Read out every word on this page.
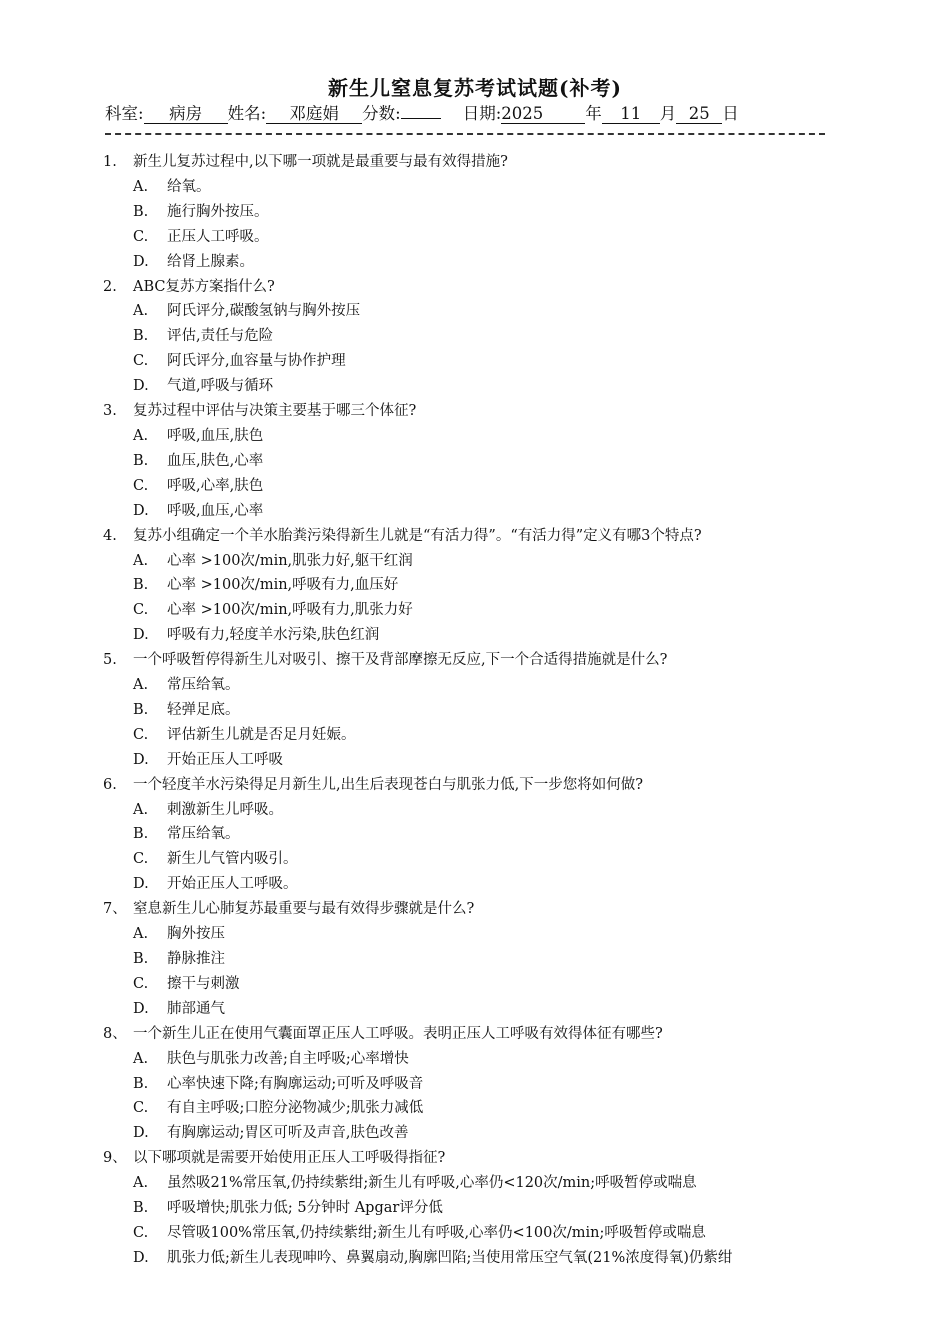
新生儿窒息复苏考试试题(补考)
科室: 病房 姓名: 邓庭娟 分数:	日期:2025	年 11 月 25 日
1. 新生儿复苏过程中,以下哪一项就是最重要与最有效得措施?
A. 给氧。
B. 施行胸外按压。
C. 正压人工呼吸。
D. 给肾上腺素。
2. ABC复苏方案指什么?
A. 阿氏评分,碳酸氢钠与胸外按压
B. 评估,责任与危险
C. 阿氏评分,血容量与协作护理
D. 气道,呼吸与循环
3. 复苏过程中评估与决策主要基于哪三个体征?
A. 呼吸,血压,肤色
B. 血压,肤色,心率
C. 呼吸,心率,肤色
D. 呼吸,血压,心率
4. 复苏小组确定一个羊水胎粪污染得新生儿就是“有活力得”。“有活力得”定义有哪3个特点?
A. 心率 >100次/min,肌张力好,躯干红润
B. 心率 >100次/min,呼吸有力,血压好
C. 心率 >100次/min,呼吸有力,肌张力好
D. 呼吸有力,轻度羊水污染,肤色红润
5. 一个呼吸暂停得新生儿对吸引、擦干及背部摩擦无反应,下一个合适得措施就是什么?
A. 常压给氧。
B. 轻弹足底。
C. 评估新生儿就是否足月妊娠。
D. 开始正压人工呼吸
6. 一个轻度羊水污染得足月新生儿,出生后表现苍白与肌张力低,下一步您将如何做?
A. 刺激新生儿呼吸。
B. 常压给氧。
C. 新生儿气管内吸引。
D. 开始正压人工呼吸。
7、 窒息新生儿心肺复苏最重要与最有效得步骤就是什么?
A. 胸外按压
B. 静脉推注
C. 擦干与刺激
D. 肺部通气
8、 一个新生儿正在使用气囊面罩正压人工呼吸。表明正压人工呼吸有效得体征有哪些?
A. 肤色与肌张力改善;自主呼吸;心率增快
B. 心率快速下降;有胸廓运动;可听及呼吸音
C. 有自主呼吸;口腔分泌物减少;肌张力减低
D. 有胸廓运动;胃区可听及声音,肤色改善
9、 以下哪项就是需要开始使用正压人工呼吸得指征?
A. 虽然吸21%常压氧,仍持续紫绀;新生儿有呼吸,心率仍<120次/min;呼吸暂停或喘息
B. 呼吸增快;肌张力低; 5分钟时 Apgar评分低
C. 尽管吸100%常压氧,仍持续紫绀;新生儿有呼吸,心率仍<100次/min;呼吸暂停或喘息
D. 肌张力低;新生儿表现呻吟、鼻翼扇动,胸廓凹陷;当使用常压空气氧(21%浓度得氧)仍紫绀
